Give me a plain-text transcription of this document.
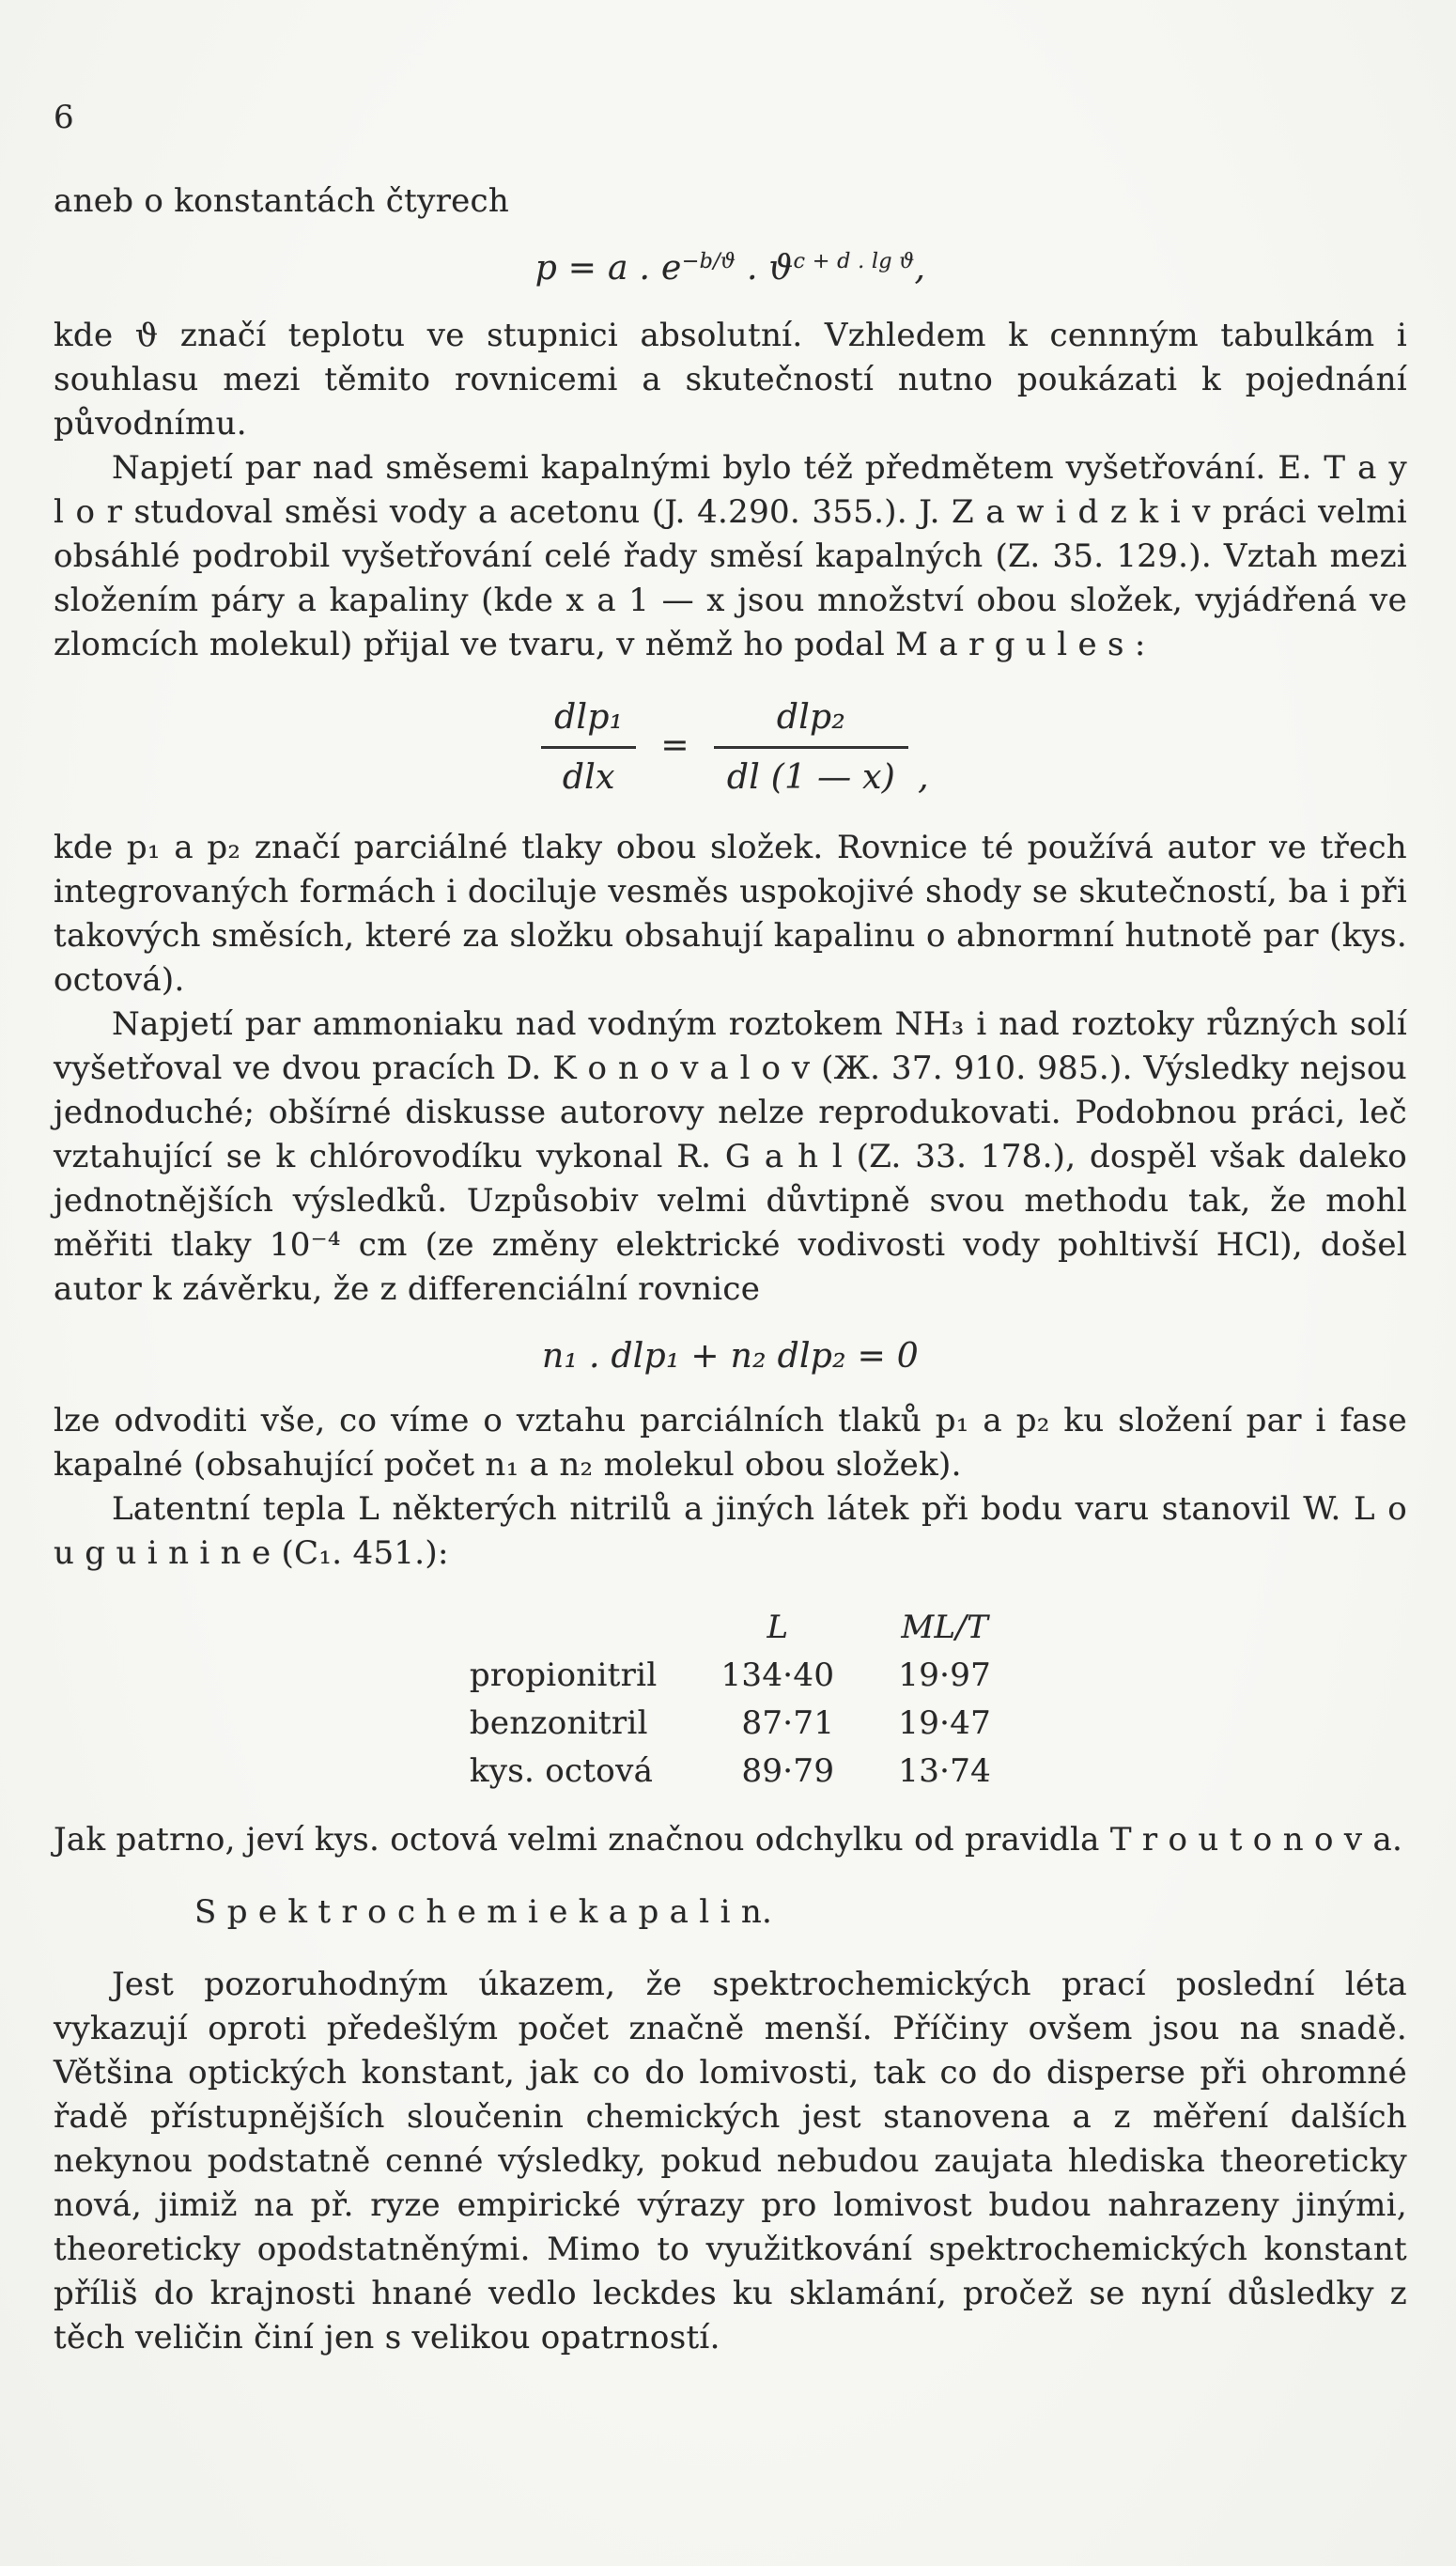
6

aneb o konstantách čtyrech

p = a . $e^{-b/ϑ}$ . $ϑ^{c + d . lg ϑ}$,

kde ϑ značí teplotu ve stupnici absolutní. Vzhledem k cennným tabulkám i souhlasu mezi těmito rovnicemi a skutečností nutno poukázati k pojednání původnímu.

Napjetí par nad směsemi kapalnými bylo též předmětem vyšetřování. E. T a y l o r studoval směsi vody a acetonu (J. 4.290. 355.). J. Z a w i d z k i v práci velmi obsáhlé podrobil vyšetřování celé řady směsí kapalných (Z. 35. 129.). Vztah mezi složením páry a kapaliny (kde x a 1 — x jsou množství obou složek, vyjádřená ve zlomcích molekul) přijal ve tvaru, v němž ho podal M a r g u l e s :

$\frac{\text{dlp₁}}{\text{dlx}} = \frac{\text{dlp₂}}{dl (1 — x)}$ ,

kde p₁ a p₂ značí parciálné tlaky obou složek. Rovnice té používá autor ve třech integrovaných formách i dociluje vesměs uspokojivé shody se skutečností, ba i při takových směsích, které za složku obsahují kapalinu o abnormní hutnotě par (kys. octová).

Napjetí par ammoniaku nad vodným roztokem NH₃ i nad roztoky různých solí vyšetřoval ve dvou pracích D. K o n o v a l o v (Ж. 37. 910. 985.). Výsledky nejsou jednoduché; obšírné diskusse autorovy nelze reprodukovati. Podobnou práci, leč vztahující se k chlórovodíku vykonal R. G a h l (Z. 33. 178.), dospěl však daleko jednotnějších výsledků. Uzpůsobiv velmi důvtipně svou methodu tak, že mohl měřiti tlaky 10⁻⁴ cm (ze změny elektrické vodivosti vody pohltivší HCl), došel autor k závěrku, že z differenciální rovnice

n₁ . dlp₁ + n₂ dlp₂ = 0

lze odvoditi vše, co víme o vztahu parciálních tlaků p₁ a p₂ ku složení par i fase kapalné (obsahující počet n₁ a n₂ molekul obou složek).

Latentní tepla L některých nitrilů a jiných látek při bodu varu stanovil W. L o u g u i n i n e (C₁. 451.):

	L	ML/T
propionitril	134·40	19·97
benzonitril	87·71	19·47
kys. octová	89·79	13·74

Jak patrno, jeví kys. octová velmi značnou odchylku od pravidla T r o u t o n o v a.

S p e k t r o c h e m i e k a p a l i n.

Jest pozoruhodným úkazem, že spektrochemických prací poslední léta vykazují oproti předešlým počet značně menší. Příčiny ovšem jsou na snadě. Většina optických konstant, jak co do lomivosti, tak co do disperse při ohromné řadě přístupnějších sloučenin chemických jest stanovena a z měření dalších nekynou podstatně cenné výsledky, pokud nebudou zaujata hlediska theoreticky nová, jimiž na př. ryze empirické výrazy pro lomivost budou nahrazeny jinými, theoreticky opodstatněnými. Mimo to využitkování spektrochemických konstant příliš do krajnosti hnané vedlo leckdes ku sklamání, pročež se nyní důsledky z těch veličin činí jen s velikou opatrností.
